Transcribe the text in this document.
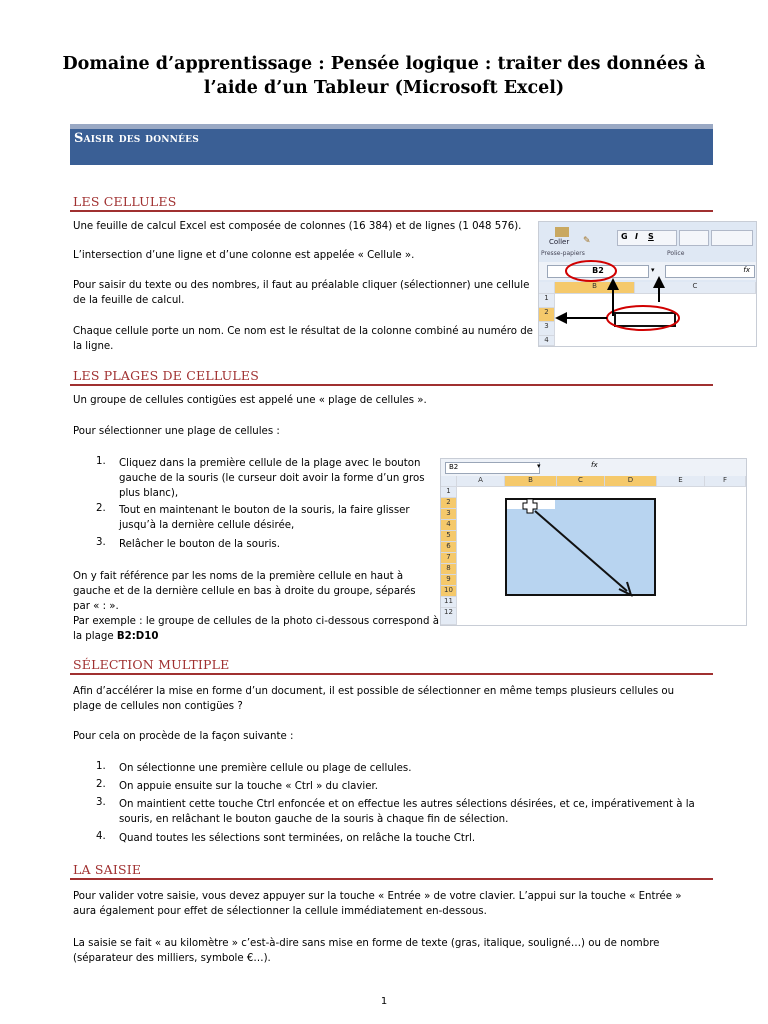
Domaine d’apprentissage : Pensée logique : traiter des données à l’aide d’un Tableur (Microsoft Excel)
Saisir des données
LES CELLULES
Une feuille de calcul Excel est composée de colonnes (16 384) et de lignes (1 048 576).
L’intersection d’une ligne et d’une colonne est appelée « Cellule ».
Pour saisir du texte ou des nombres, il faut au préalable cliquer (sélectionner) une cellule de la feuille de calcul.
Chaque cellule porte un nom. Ce nom est le résultat de la colonne combiné au numéro de la ligne.
Coller	✎	G I S
Presse-papiers	Police
B2	▾	fx
B	C
1
2
3
4
LES PLAGES DE CELLULES
Un groupe de cellules contigües est appelé une « plage de cellules ».
Pour sélectionner une plage de cellules :
1.	Cliquez dans la première cellule de la plage avec le bouton gauche de la souris (le curseur doit avoir la forme d’un gros plus blanc),
2.	Tout en maintenant le bouton de la souris, la faire glisser jusqu’à la dernière cellule désirée,
3.	Relâcher le bouton de la souris.
On y fait référence par les noms de la première cellule en haut à gauche et de la dernière cellule en bas à droite du groupe, séparés par « : ».
Par exemple : le groupe de cellules de la photo ci-dessous correspond à la plage B2:D10
B2	▾	fx
A	B	C	D	E	F
1
2
3
4
5
6
7
8
9
10
11
12
SÉLECTION MULTIPLE
Afin d’accélérer la mise en forme d’un document, il est possible de sélectionner en même temps plusieurs cellules ou plage de cellules non contigües ?
Pour cela on procède de la façon suivante :
1.	On sélectionne une première cellule ou plage de cellules.
2.	On appuie ensuite sur la touche « Ctrl » du clavier.
3.	On maintient cette touche Ctrl enfoncée et on effectue les autres sélections désirées, et ce, impérativement à la souris, en relâchant le bouton gauche de la souris à chaque fin de sélection.
4.	Quand toutes les sélections sont terminées, on relâche la touche Ctrl.
LA SAISIE
Pour valider votre saisie, vous devez appuyer sur la touche « Entrée » de votre clavier. L’appui sur la touche « Entrée » aura également pour effet de sélectionner la cellule immédiatement en-dessous.
La saisie se fait « au kilomètre » c’est-à-dire sans mise en forme de texte (gras, italique, souligné…) ou de nombre (séparateur des milliers, symbole €…).
1
